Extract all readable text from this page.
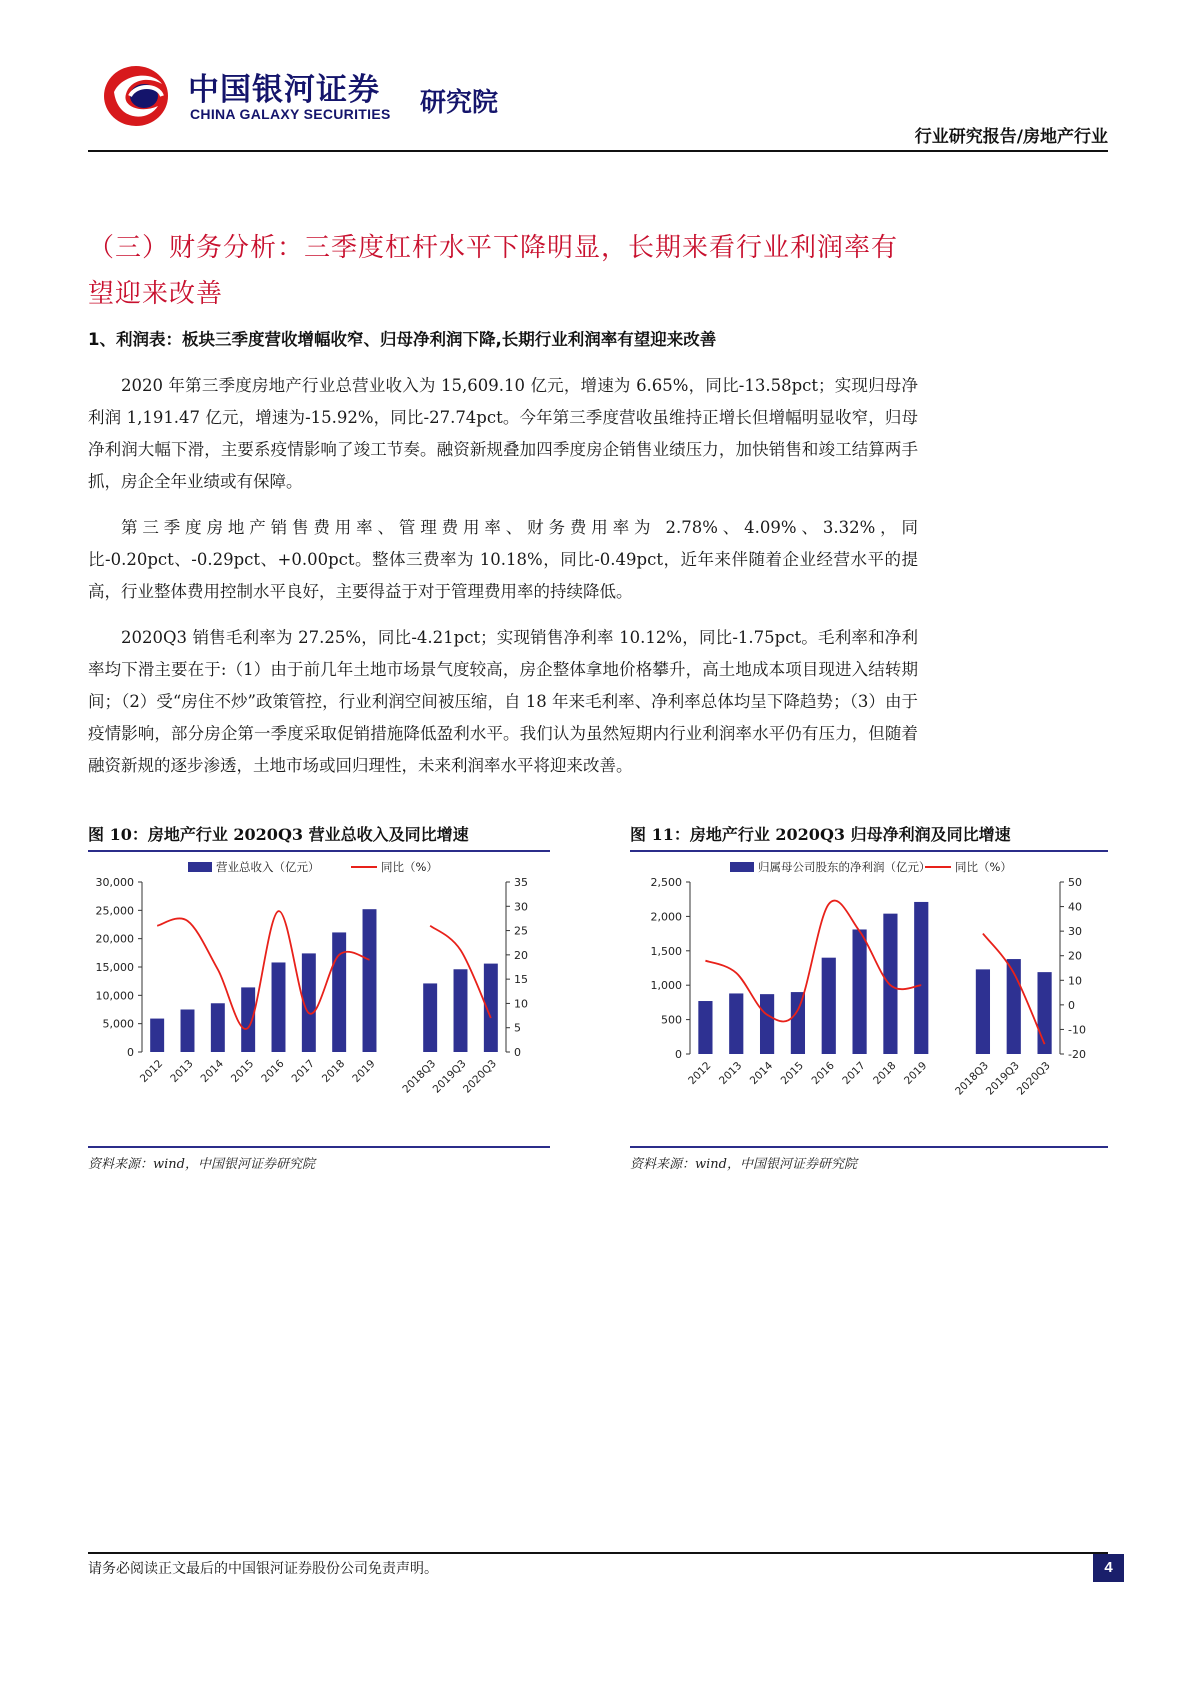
中国银河证券
CHINA GALAXY SECURITIES 研究院
行业研究报告/房地产行业
（三）财务分析：三季度杠杆水平下降明显，长期来看行业利润率有望迎来改善
1、利润表：板块三季度营收增幅收窄、归母净利润下降,长期行业利润率有望迎来改善

2020 年第三季度房地产行业总营业收入为 15,609.10 亿元，增速为 6.65%，同比-13.58pct；实现归母净利润 1,191.47 亿元，增速为-15.92%，同比-27.74pct。今年第三季度营收虽维持正增长但增幅明显收窄，归母净利润大幅下滑，主要系疫情影响了竣工节奏。融资新规叠加四季度房企销售业绩压力，加快销售和竣工结算两手抓，房企全年业绩或有保障。

第三季度房地产销售费用率、管理费用率、财务费用率为 2.78%、4.09%、3.32%，同比-0.20pct、-0.29pct、+0.00pct。整体三费率为 10.18%，同比-0.49pct，近年来伴随着企业经营水平的提高，行业整体费用控制水平良好，主要得益于对于管理费用率的持续降低。

2020Q3 销售毛利率为 27.25%，同比-4.21pct；实现销售净利率 10.12%，同比-1.75pct。毛利率和净利率均下滑主要在于:（1）由于前几年土地市场景气度较高，房企整体拿地价格攀升，高土地成本项目现进入结转期间；（2）受“房住不炒”政策管控，行业利润空间被压缩，自 18 年来毛利率、净利率总体均呈下降趋势；（3）由于疫情影响，部分房企第一季度采取促销措施降低盈利水平。我们认为虽然短期内行业利润率水平仍有压力，但随着融资新规的逐步渗透，土地市场或回归理性，未来利润率水平将迎来改善。

图 10：房地产行业 2020Q3 营业总收入及同比增速
营业总收入（亿元）	同比（%）
0
5,000
10,000
15,000
20,000
25,000
30,000
0
5
10
15
20
25
30
35
2012 2013 2014 2015 2016 2017 2018 2019 2018Q3
2019Q3
2020Q3
资料来源：wind，中国银河证券研究院
图 11：房地产行业 2020Q3 归母净利润及同比增速
归属母公司股东的净利润（亿元） 同比（%）
0
500
1,000
1,500
2,000
2,500
-20
-10
0
10
20
30
40
50
2012 2013 2014 2015 2016 2017 2018 2019 2018Q3
2019Q3
2020Q3
资料来源：wind，中国银河证券研究院
请务必阅读正文最后的中国银河证券股份公司免责声明。	4
